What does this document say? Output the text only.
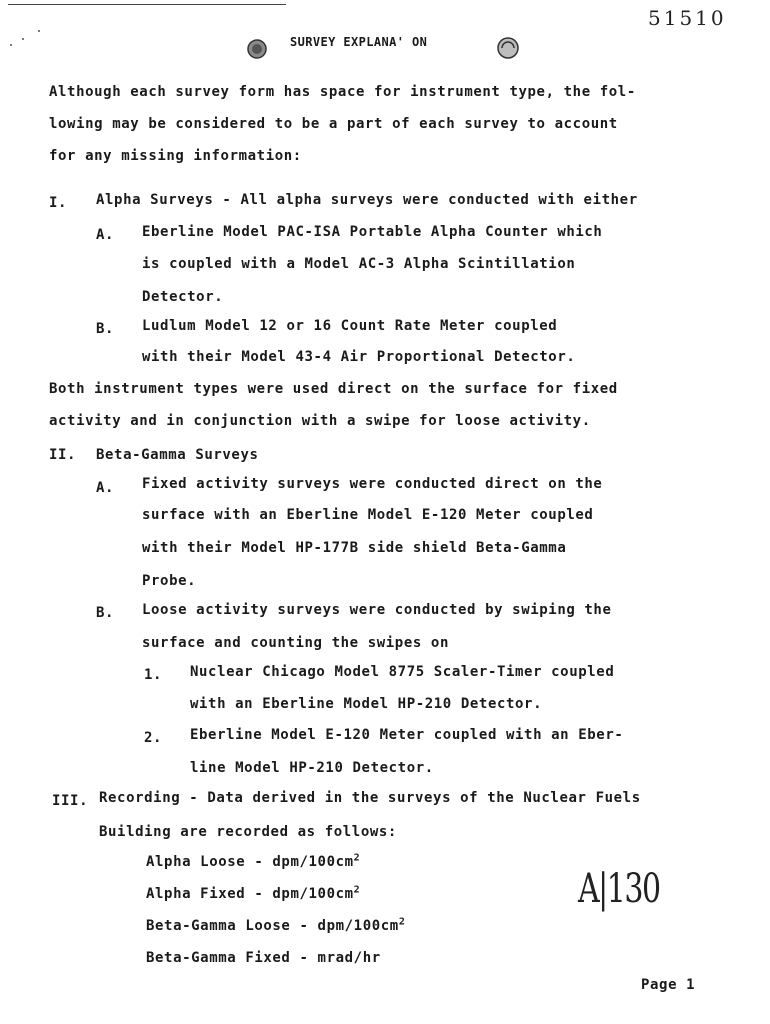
51510
SURVEY EXPLANA' ON
Although each survey form has space for instrument type, the fol-
lowing may be considered to be a part of each survey to account
for any missing information:
I. Alpha Surveys - All alpha surveys were conducted with either
A. Eberline Model PAC-ISA Portable Alpha Counter which
is coupled with a Model AC-3 Alpha Scintillation
Detector.
B. Ludlum Model 12 or 16 Count Rate Meter coupled
with their Model 43-4 Air Proportional Detector.
Both instrument types were used direct on the surface for fixed
activity and in conjunction with a swipe for loose activity.
II. Beta-Gamma Surveys
A. Fixed activity surveys were conducted direct on the
surface with an Eberline Model E-120 Meter coupled
with their Model HP-177B side shield Beta-Gamma
Probe.
B. Loose activity surveys were conducted by swiping the
surface and counting the swipes on
1. Nuclear Chicago Model 8775 Scaler-Timer coupled
with an Eberline Model HP-210 Detector.
2. Eberline Model E-120 Meter coupled with an Eber-
line Model HP-210 Detector.
III. Recording - Data derived in the surveys of the Nuclear Fuels
Building are recorded as follows:
Alpha Loose - dpm/$100cm^2$
Alpha Fixed - dpm/$100cm^2$
Beta-Gamma Loose - dpm/$100cm^2$
Beta-Gamma Fixed - mrad/hr
A|130
Page 1
